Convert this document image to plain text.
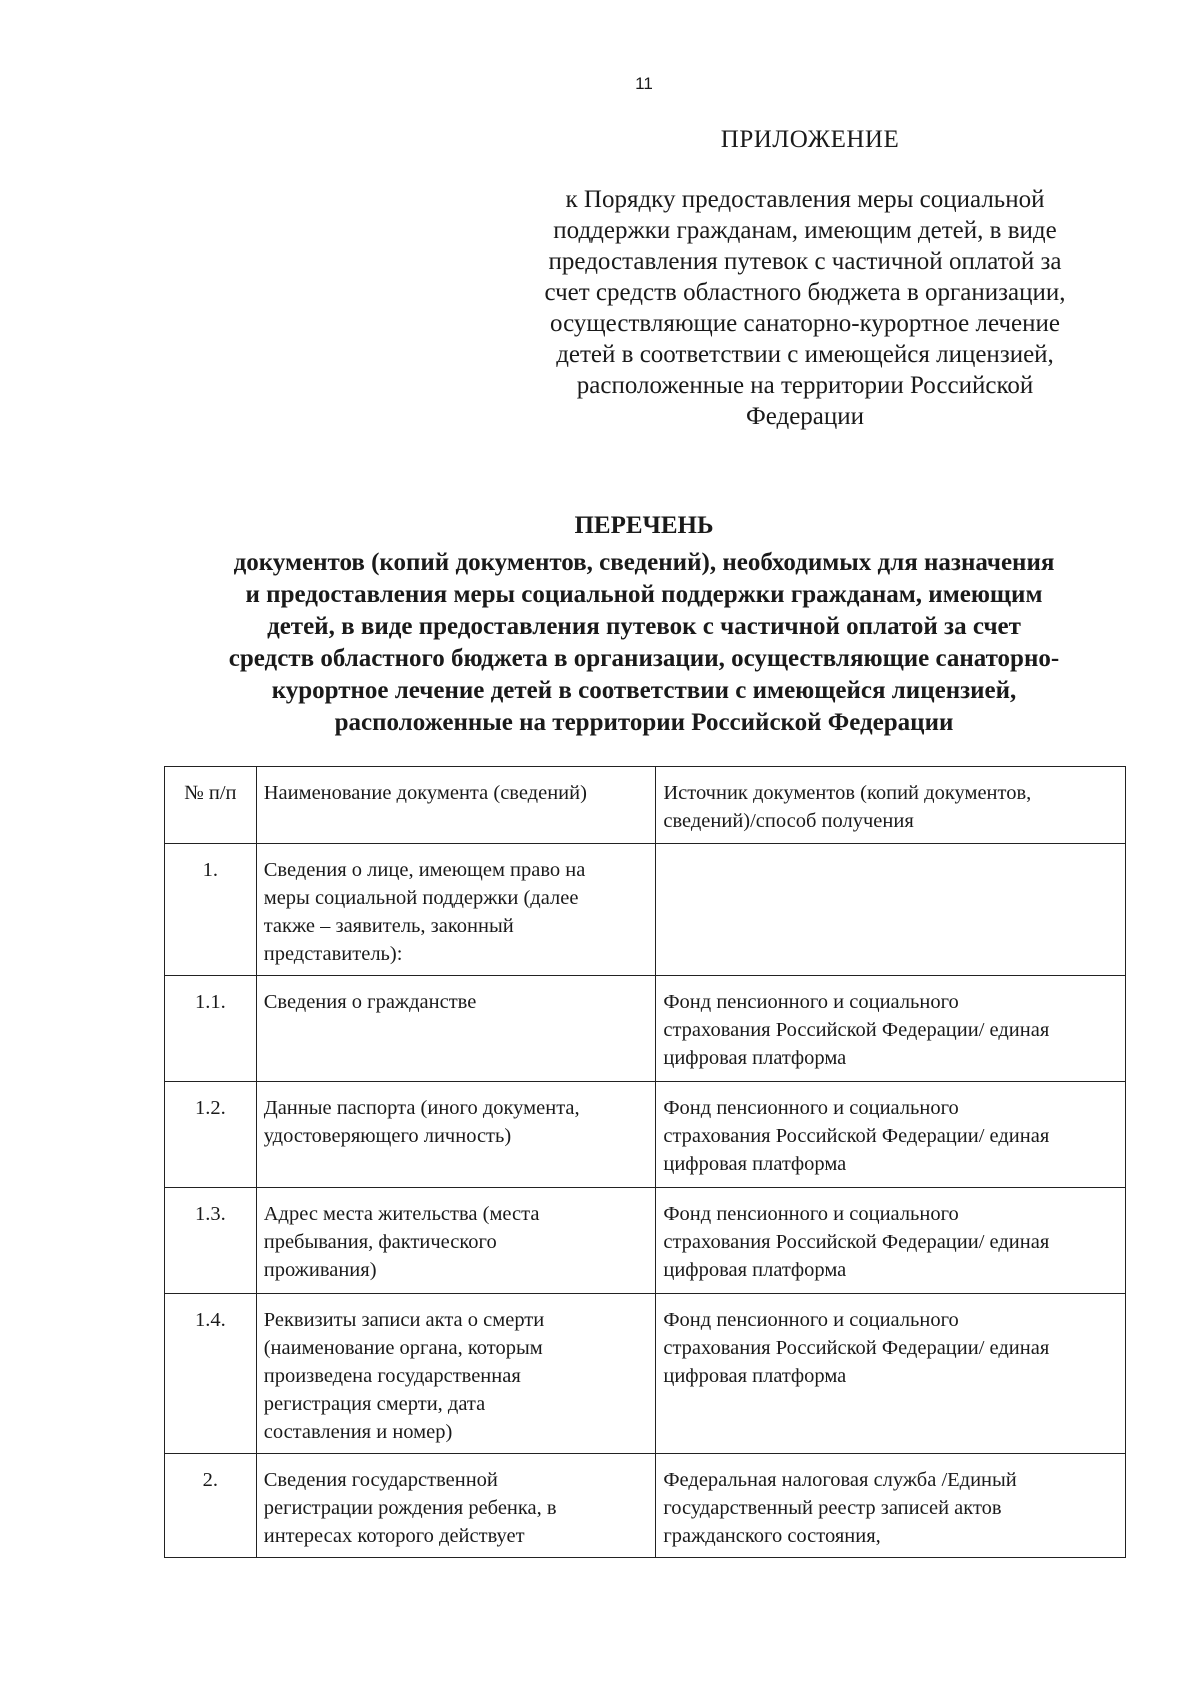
11
ПРИЛОЖЕНИЕ
к Порядку предоставления меры социальной
поддержки гражданам, имеющим детей, в виде
предоставления путевок с частичной оплатой за
счет средств областного бюджета в организации,
осуществляющие санаторно-курортное лечение
детей в соответствии с имеющейся лицензией,
расположенные на территории Российской
Федерации
ПЕРЕЧЕНЬ
документов (копий документов, сведений), необходимых для назначения
и предоставления меры социальной поддержки гражданам, имеющим
детей, в виде предоставления путевок с частичной оплатой за счет
средств областного бюджета в организации, осуществляющие санаторно-
курортное лечение детей в соответствии с имеющейся лицензией,
расположенные на территории Российской Федерации
№ п/п	Наименование документа (сведений)	Источник документов (копий документов,
сведений)/способ получения

1.	Сведения о лице, имеющем право на
меры социальной поддержки (далее
также – заявитель, законный
представитель):	

1.1.	Сведения о гражданстве	Фонд пенсионного и социального
страхования Российской Федерации/ единая
цифровая платформа

1.2.	Данные паспорта (иного документа,
удостоверяющего личность)	Фонд пенсионного и социального
страхования Российской Федерации/ единая
цифровая платформа

1.3.	Адрес места жительства (места
пребывания, фактического
проживания)	Фонд пенсионного и социального
страхования Российской Федерации/ единая
цифровая платформа

1.4.	Реквизиты записи акта о смерти
(наименование органа, которым
произведена государственная
регистрация смерти, дата
составления и номер)	Фонд пенсионного и социального
страхования Российской Федерации/ единая
цифровая платформа

2.	Сведения государственной
регистрации рождения ребенка, в
интересах которого действует	Федеральная налоговая служба /Единый
государственный реестр записей актов
гражданского состояния,
